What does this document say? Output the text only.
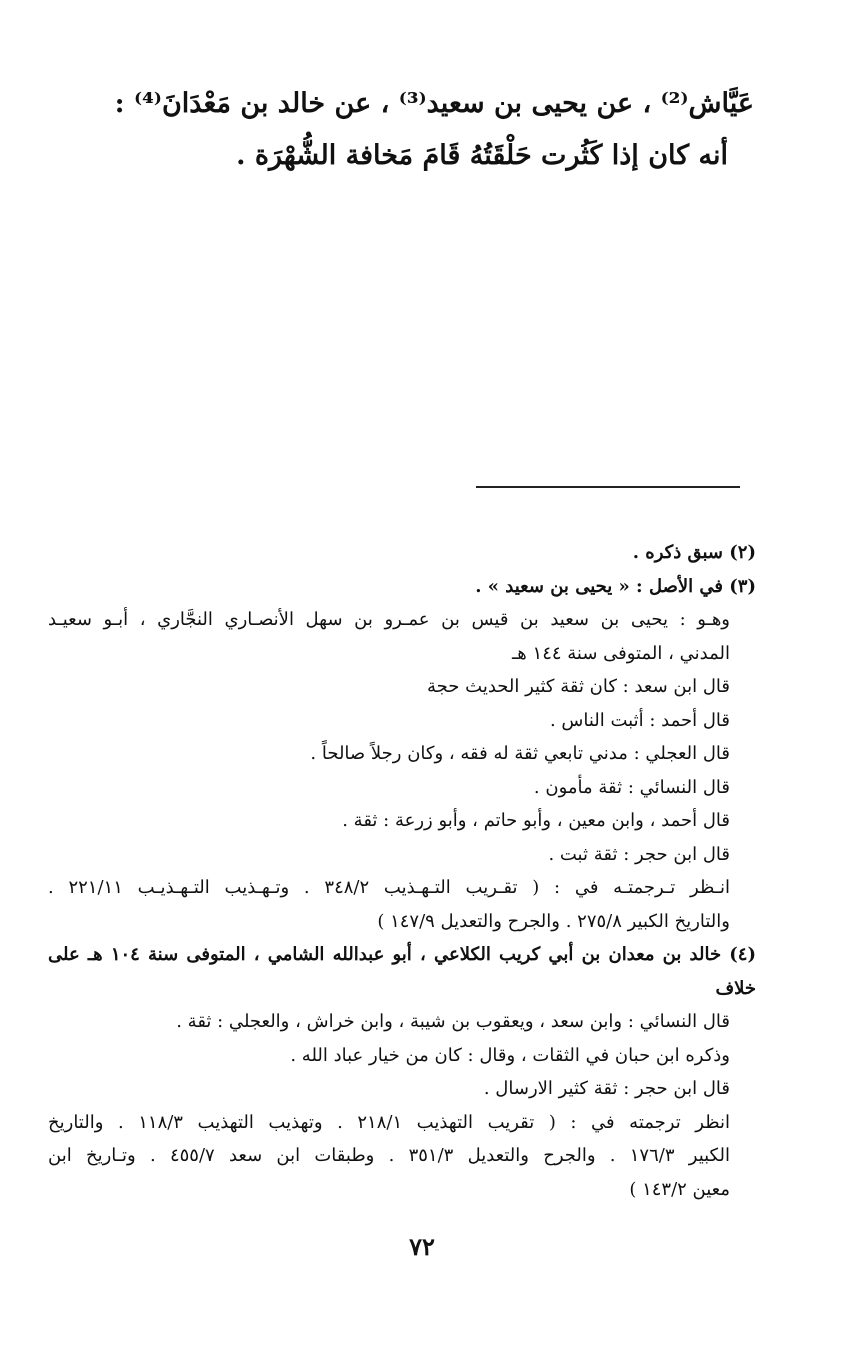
عَيَّاش⁽²⁾ ، عن يحيى بن سعيد⁽³⁾ ، عن خالد بن مَعْدَانَ⁽⁴⁾ :
أنه كان إذا كَثُرت حَلْقَتُهُ قَامَ مَخافة الشُّهْرَة .
(٢) سبق ذكره .
(٣) في الأصل : « يحيى بن سعيد » .
وهـو : يحيى بن سعيد بن قيس بن عمـرو بن سهل الأنصـاري النجَّاري ، أبـو سعيـد
المدني ، المتوفى سنة ١٤٤ هـ
قال ابن سعد : كان ثقة كثير الحديث حجة
قال أحمد : أثبت الناس .
قال العجلي : مدني تابعي ثقة له فقه ، وكان رجلاً صالحاً .
قال النسائي : ثقة مأمون .
قال أحمد ، وابن معين ، وأبو حاتم ، وأبو زرعة : ثقة .
قال ابن حجر : ثقة ثبت .
انـظر تـرجمتـه في : ( تقـريب التـهـذيب ٣٤٨/٢ . وتـهـذيب التـهـذيـب ٢٢١/١١ .
والتاريخ الكبير ٢٧٥/٨ . والجرح والتعديل ١٤٧/٩ )
(٤) خالد بن معدان بن أبي كريب الكلاعي ، أبو عبدالله الشامي ، المتوفى سنة ١٠٤ هـ على
خلاف
قال النسائي : وابن سعد ، ويعقوب بن شيبة ، وابن خراش ، والعجلي : ثقة .
وذكره ابن حبان في الثقات ، وقال : كان من خيار عباد الله .
قال ابن حجر : ثقة كثير الارسال .
انظر ترجمته في : ( تقريب التهذيب ٢١٨/١ . وتهذيب التهذيب ١١٨/٣ . والتاريخ
الكبير ١٧٦/٣ . والجرح والتعديل ٣٥١/٣ . وطبقات ابن سعد ٤٥٥/٧ . وتـاريخ ابن
معين ١٤٣/٢ )
٧٢
